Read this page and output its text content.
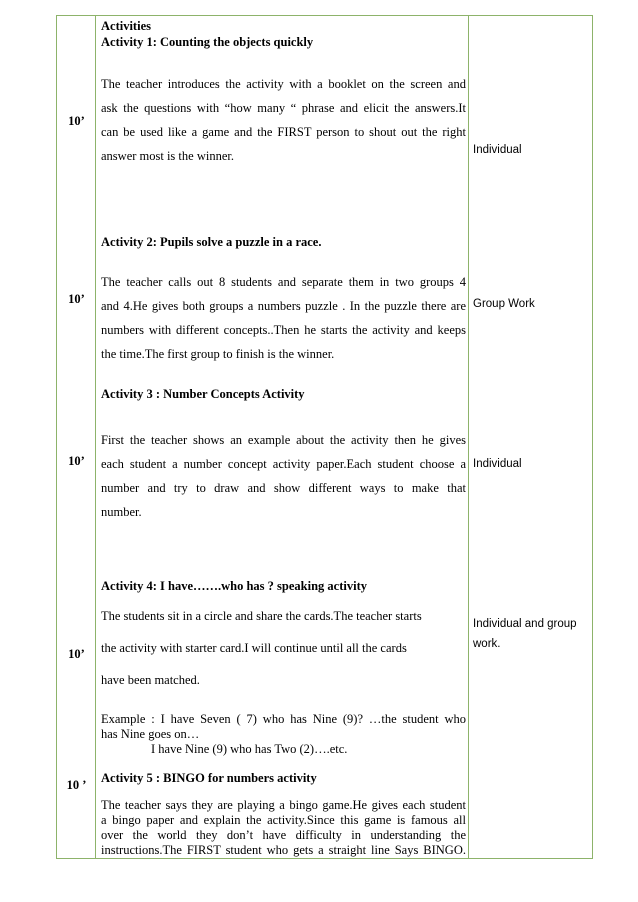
10’
10’
10’
10’
10 ’
Activities
Activity 1: Counting the objects quickly

The teacher introduces the activity with a booklet on the screen and

ask the questions with “how many “ phrase and elicit the answers.It

can be used like a game and the FIRST person to shout out the right

answer most is the winner.

Activity 2: Pupils solve a puzzle in a race.

The teacher calls out 8 students and separate them in two groups 4

and 4.He gives both groups a numbers puzzle . In the puzzle there are

numbers with different concepts..Then he starts the activity and keeps

the time.The first group to finish is the winner.

Activity 3 : Number Concepts Activity

First the teacher shows an example about the activity then he gives

each student a number concept activity paper.Each student choose a

number and try to draw and show different ways to make that

number.

Activity 4: I have…….who has ? speaking activity

The students sit in a circle and share the cards.The teacher starts

the activity with starter card.I will continue until all the cards

have been matched.

Example : I have Seven ( 7) who has Nine (9)? …the student who

has Nine goes on…

I have Nine (9) who has Two (2)….etc.

Activity 5 : BINGO for numbers activity

The teacher says they are playing a bingo game.He gives each student

a bingo paper and explain the activity.Since this game is famous all

over the world they don’t have difficulty in understanding the

instructions.The FIRST student who gets a straight line Says BINGO.

Individual
Group Work
Individual
Individual and group work.
